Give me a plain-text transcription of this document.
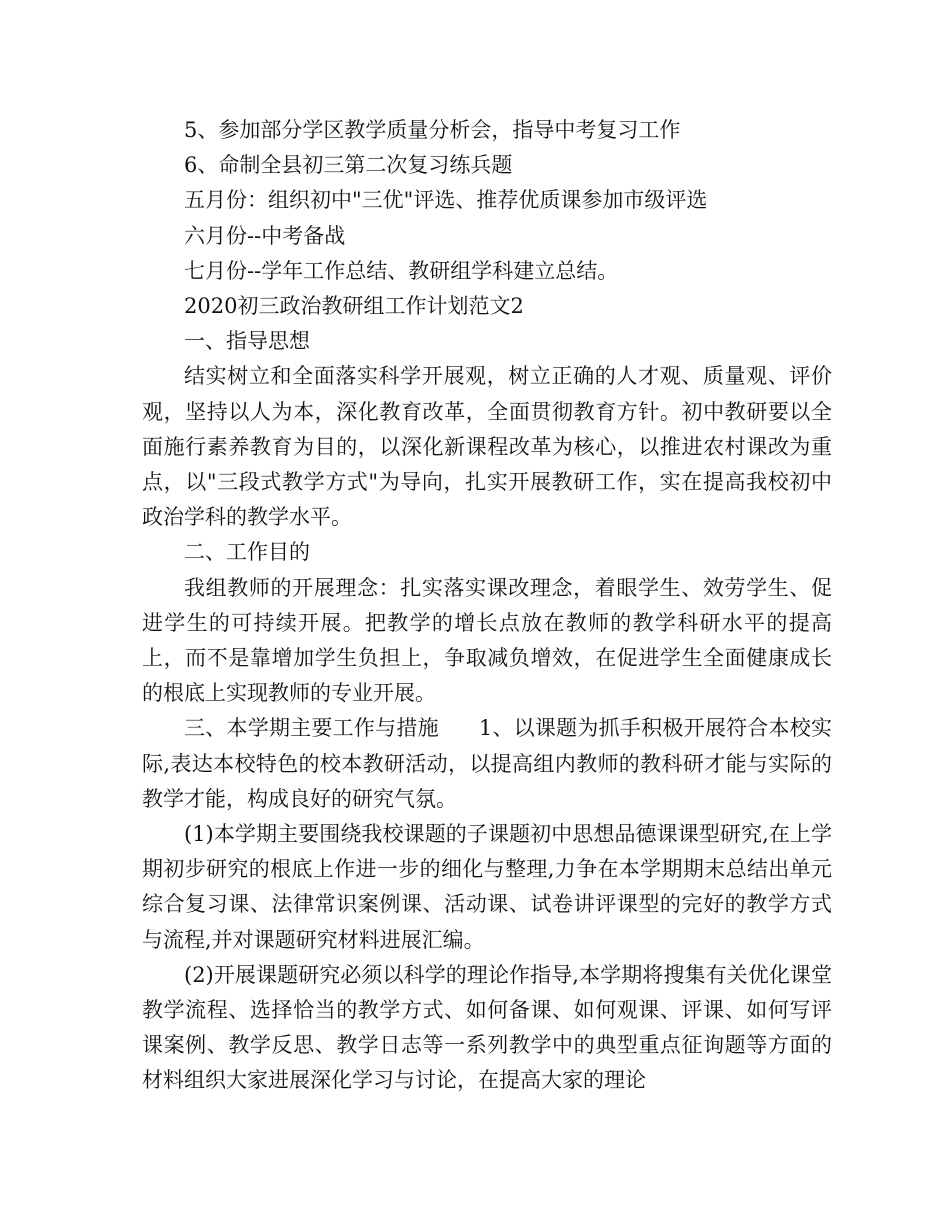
5、参加部分学区教学质量分析会，指导中考复习工作

6、命制全县初三第二次复习练兵题

五月份：组织初中"三优"评选、推荐优质课参加市级评选

六月份--中考备战

七月份--学年工作总结、教研组学科建立总结。

2020初三政治教研组工作计划范文2

一、指导思想

结实树立和全面落实科学开展观，树立正确的人才观、质量观、评价观，坚持以人为本，深化教育改革，全面贯彻教育方针。初中教研要以全面施行素养教育为目的，以深化新课程改革为核心，以推进农村课改为重点，以"三段式教学方式"为导向，扎实开展教研工作，实在提高我校初中政治学科的教学水平。

二、工作目的

我组教师的开展理念：扎实落实课改理念，着眼学生、效劳学生、促进学生的可持续开展。把教学的增长点放在教师的教学科研水平的提高上，而不是靠增加学生负担上，争取减负增效，在促进学生全面健康成长的根底上实现教师的专业开展。

三、本学期主要工作与措施 1、以课题为抓手积极开展符合本校实际,表达本校特色的校本教研活动，以提高组内教师的教科研才能与实际的教学才能，构成良好的研究气氛。

(1)本学期主要围绕我校课题的子课题初中思想品德课课型研究,在上学期初步研究的根底上作进一步的细化与整理,力争在本学期期末总结出单元综合复习课、法律常识案例课、活动课、试卷讲评课型的完好的教学方式与流程,并对课题研究材料进展汇编。

(2)开展课题研究必须以科学的理论作指导,本学期将搜集有关优化课堂教学流程、选择恰当的教学方式、如何备课、如何观课、评课、如何写评课案例、教学反思、教学日志等一系列教学中的典型重点征询题等方面的材料组织大家进展深化学习与讨论，在提高大家的理论
